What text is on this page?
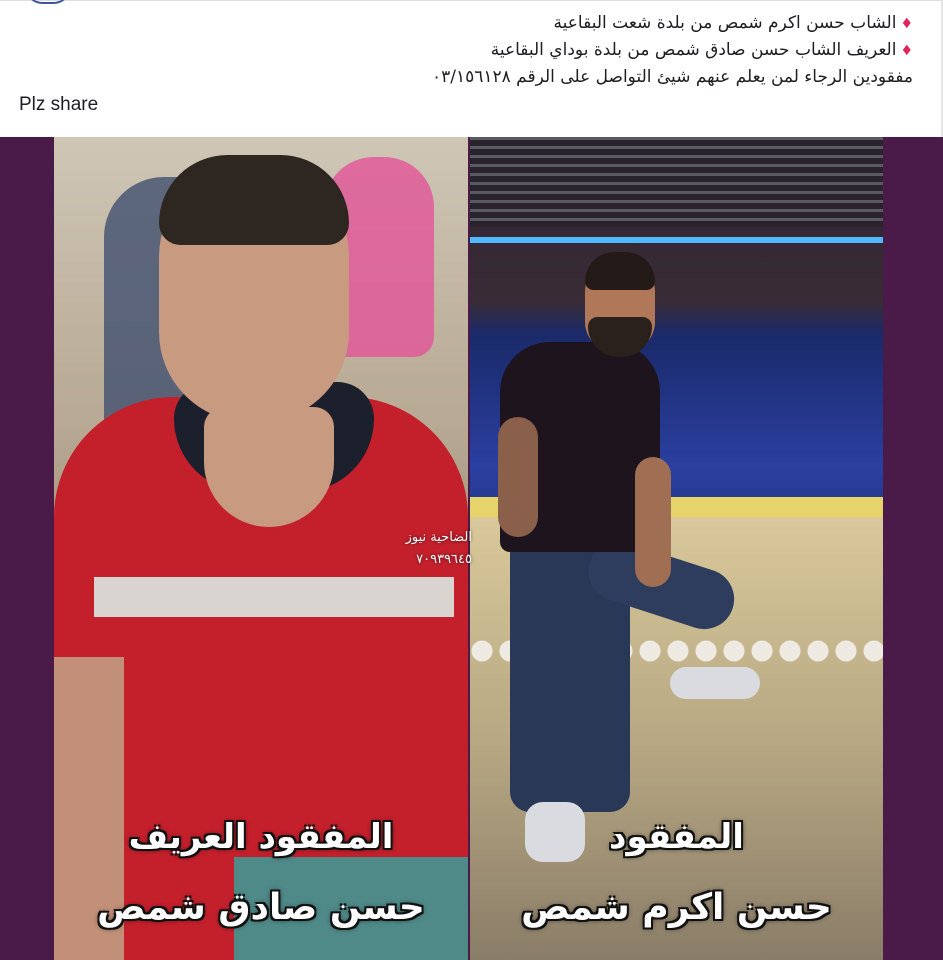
♦الشاب حسن اكرم شمص من بلدة شعت البقاعية
♦العريف الشاب حسن صادق شمص من بلدة بوداي البقاعية
مفقودين الرجاء لمن يعلم عنهم شيئ التواصل على الرقم ٠٣/١٥٦١٢٨
Plz share
الضاحية نيوز
٧٠٩٣٩٦٤٥
المفقود العريف
حسن صادق شمص
المفقود
حسن اكرم شمص
